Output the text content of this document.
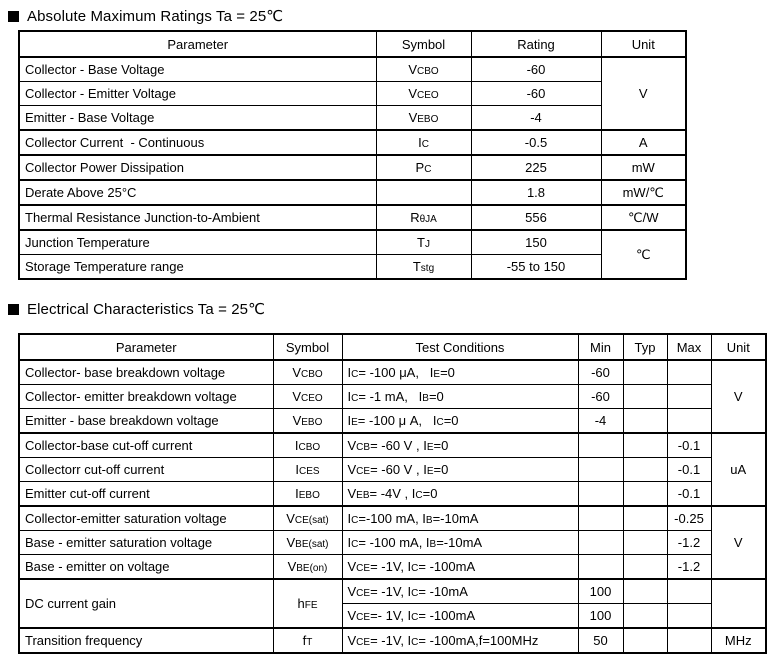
Absolute Maximum Ratings Ta = 25℃
Parameter	Symbol	Rating	Unit
Collector - Base Voltage	VCBO	-60	V
Collector - Emitter Voltage	VCEO	-60	
Emitter - Base Voltage	VEBO	-4	
Collector Current  - Continuous	IC	-0.5	A
Collector Power Dissipation	PC	225	mW
Derate Above 25°C		1.8	mW/℃
Thermal Resistance Junction-to-Ambient	RθJA	556	℃/W
Junction Temperature	TJ	150	℃
Storage Temperature range	Tstg	-55 to 150	
Electrical Characteristics Ta = 25℃
Parameter	Symbol	Test Conditions	Min	Typ	Max	Unit
Collector- base breakdown voltage	VCBO	IC= -100 μA,   IE=0	-60			V
Collector- emitter breakdown voltage	VCEO	IC= -1 mA,   IB=0	-60			
Emitter - base breakdown voltage	VEBO	IE= -100 μ A,   IC=0	-4			
Collector-base cut-off current	ICBO	VCB= -60 V , IE=0			-0.1	uA
Collectorr cut-off current	ICES	VCE= -60 V , IE=0			-0.1	
Emitter cut-off current	IEBO	VEB= -4V , IC=0			-0.1	
Collector-emitter saturation voltage	VCE(sat)	IC=-100 mA, IB=-10mA			-0.25	V
Base - emitter saturation voltage	VBE(sat)	IC= -100 mA, IB=-10mA			-1.2	
Base - emitter on voltage	VBE(on)	VCE= -1V, IC= -100mA			-1.2	
DC current gain	hFE	VCE= -1V, IC= -10mA	100			
		VCE=- 1V, IC= -100mA	100			
Transition frequency	fT	VCE= -1V, IC= -100mA,f=100MHz	50			MHz
